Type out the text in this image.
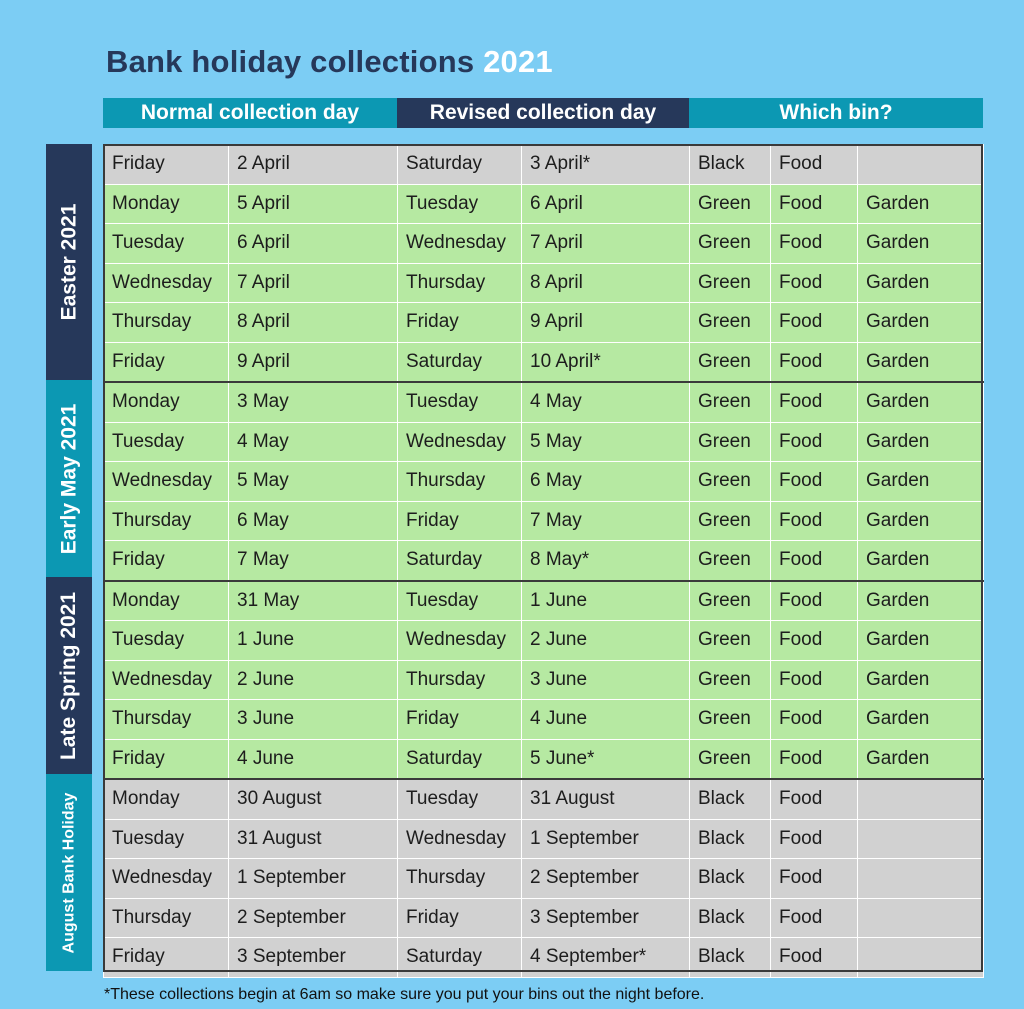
Bank holiday collections 2021
Normal collection day	Revised collection day	Which bin?
Easter 2021
Early May 2021
Late Spring 2021
August Bank Holiday
Friday	2 April	Saturday	3 April*	Black	Food	
Monday	5 April	Tuesday	6 April	Green	Food	Garden
Tuesday	6 April	Wednesday	7 April	Green	Food	Garden
Wednesday	7 April	Thursday	8 April	Green	Food	Garden
Thursday	8 April	Friday	9 April	Green	Food	Garden
Friday	9 April	Saturday	10 April*	Green	Food	Garden
Monday	3 May	Tuesday	4 May	Green	Food	Garden
Tuesday	4 May	Wednesday	5 May	Green	Food	Garden
Wednesday	5 May	Thursday	6 May	Green	Food	Garden
Thursday	6 May	Friday	7 May	Green	Food	Garden
Friday	7 May	Saturday	8 May*	Green	Food	Garden
Monday	31 May	Tuesday	1 June	Green	Food	Garden
Tuesday	1 June	Wednesday	2 June	Green	Food	Garden
Wednesday	2 June	Thursday	3 June	Green	Food	Garden
Thursday	3 June	Friday	4 June	Green	Food	Garden
Friday	4 June	Saturday	5 June*	Green	Food	Garden
Monday	30 August	Tuesday	31 August	Black	Food	
Tuesday	31 August	Wednesday	1 September	Black	Food	
Wednesday	1 September	Thursday	2 September	Black	Food	
Thursday	2 September	Friday	3 September	Black	Food	
Friday	3 September	Saturday	4 September*	Black	Food	

*These collections begin at 6am so make sure you put your bins out the night before.
